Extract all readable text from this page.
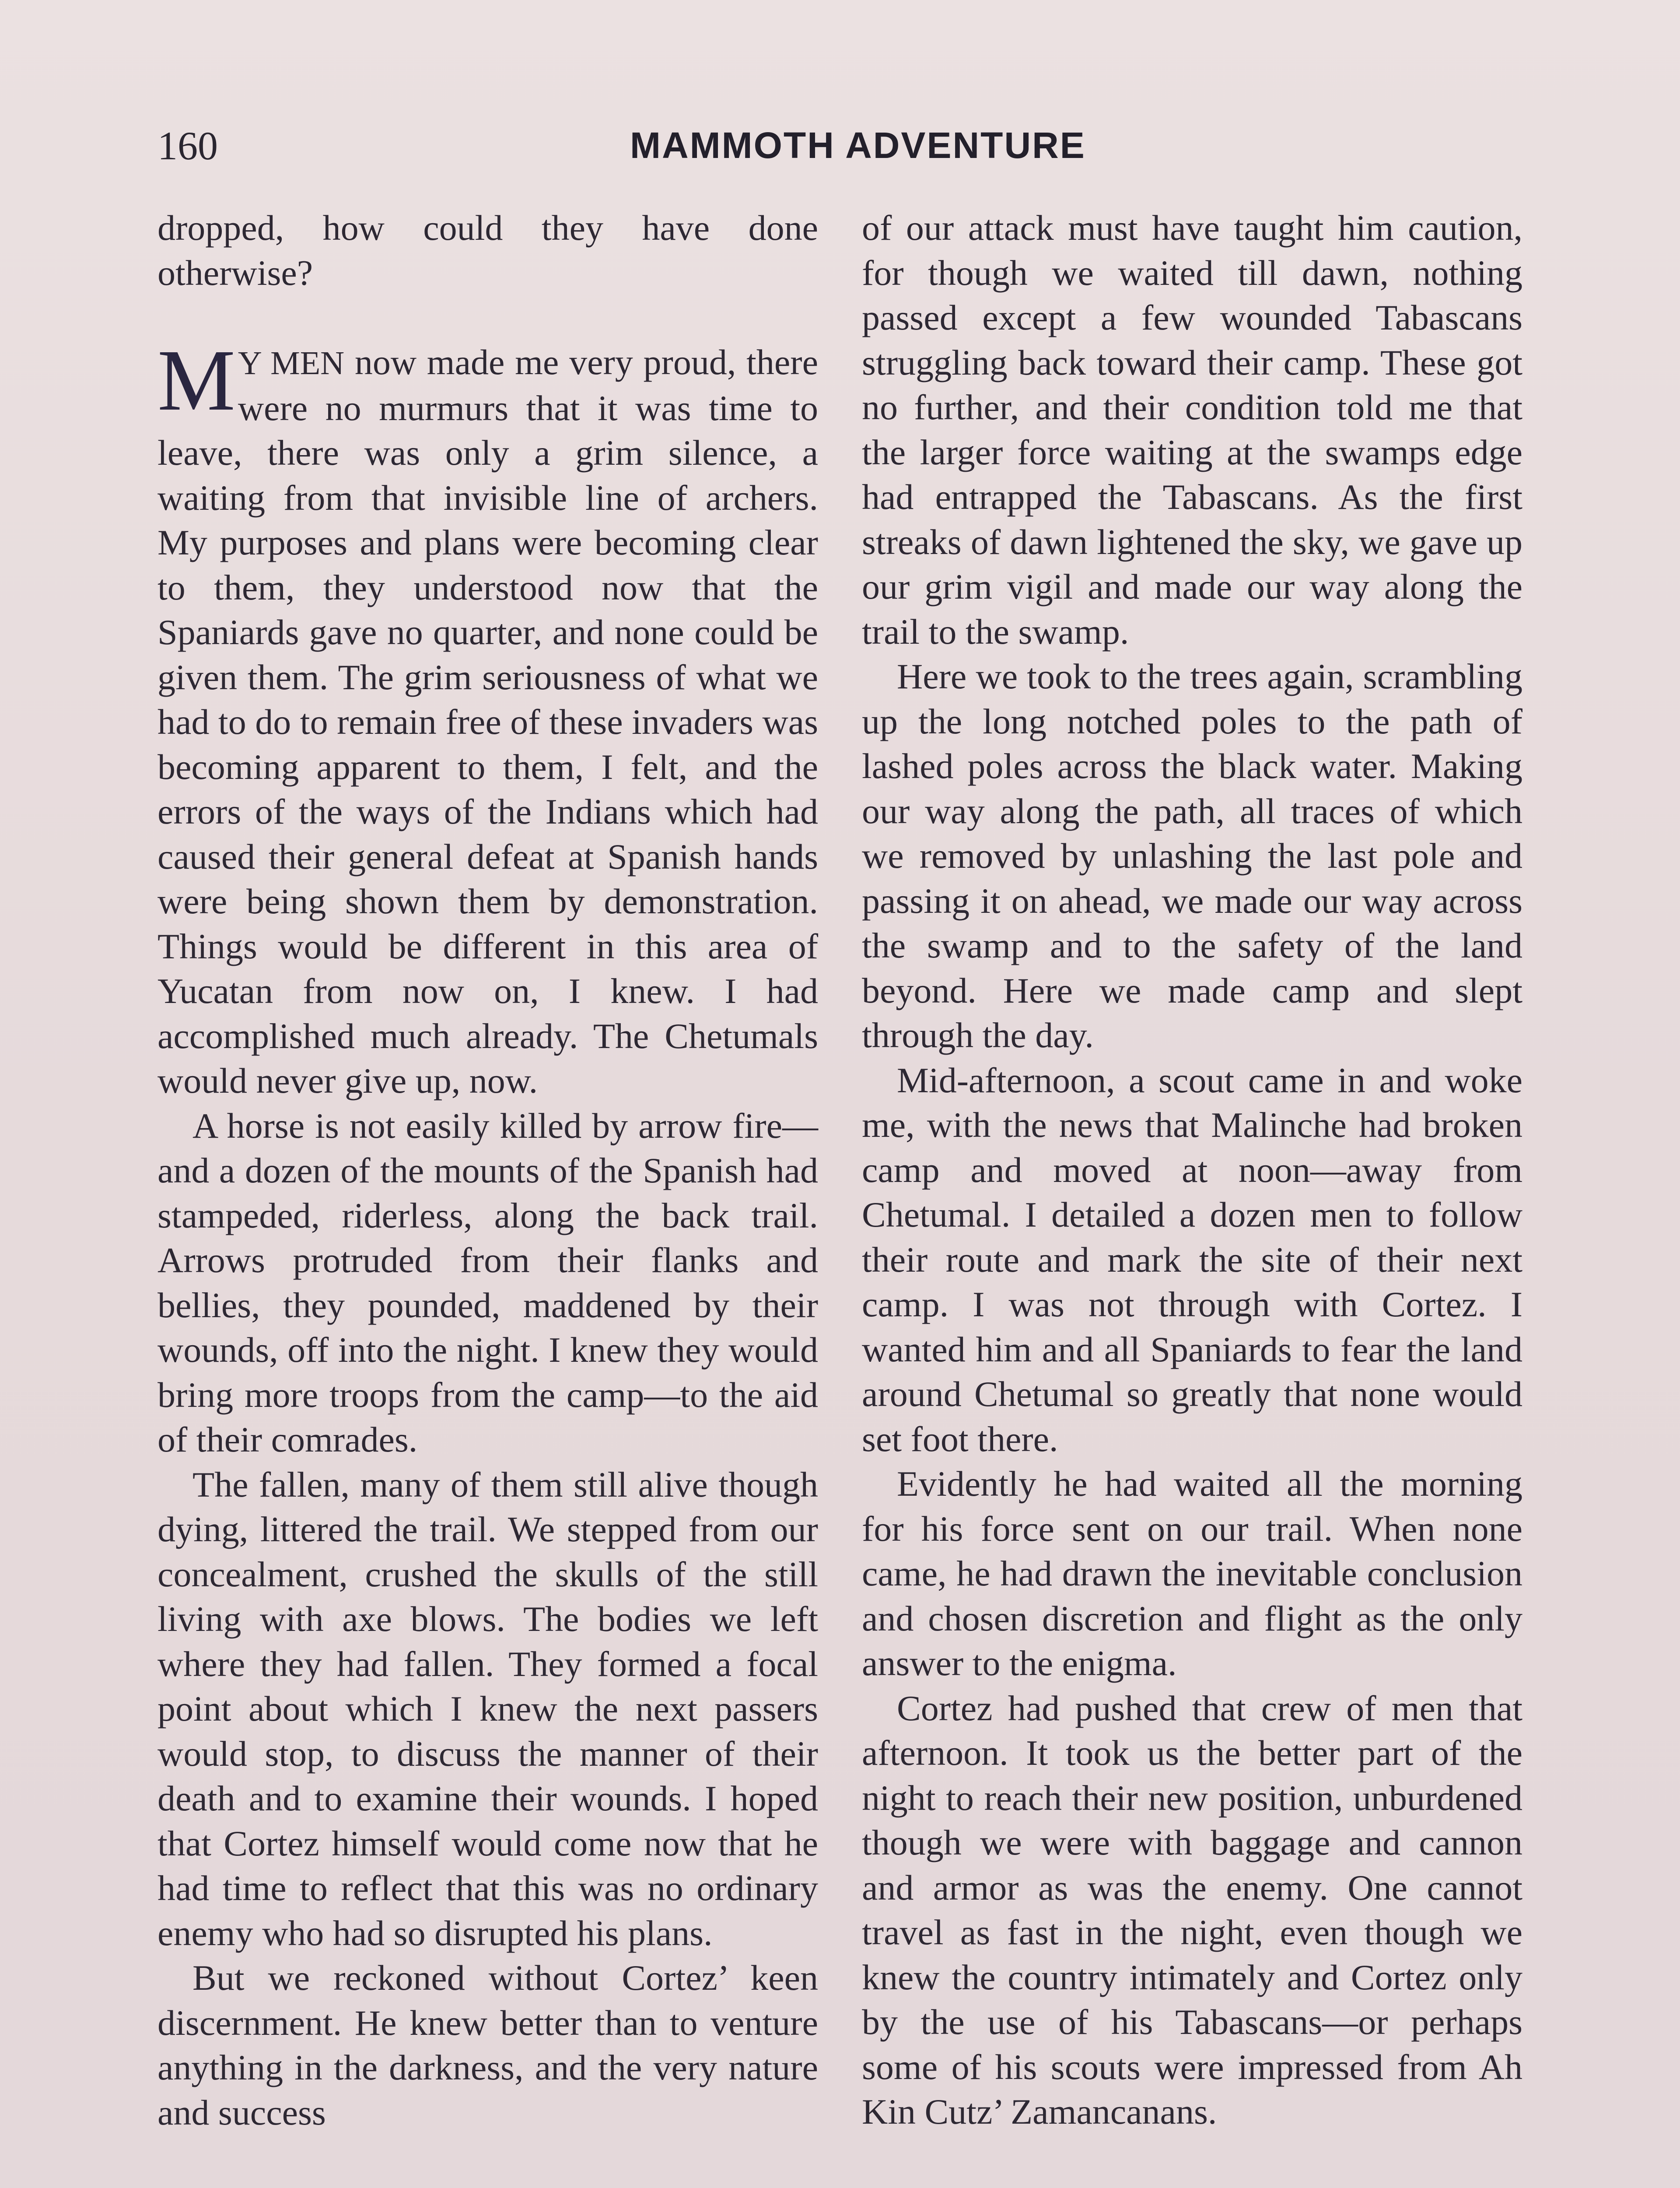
160	MAMMOTH ADVENTURE

dropped, how could they have done otherwise?

MY MEN now made me very proud, there were no murmurs that it was time to leave, there was only a grim silence, a waiting from that invisible line of archers. My purposes and plans were becoming clear to them, they understood now that the Spaniards gave no quarter, and none could be given them. The grim seriousness of what we had to do to remain free of these invaders was becoming apparent to them, I felt, and the errors of the ways of the Indians which had caused their general defeat at Spanish hands were being shown them by demonstration. Things would be different in this area of Yucatan from now on, I knew. I had accomplished much already. The Chetumals would never give up, now.

A horse is not easily killed by arrow fire—and a dozen of the mounts of the Spanish had stampeded, riderless, along the back trail. Arrows protruded from their flanks and bellies, they pounded, maddened by their wounds, off into the night. I knew they would bring more troops from the camp—to the aid of their comrades.

The fallen, many of them still alive though dying, littered the trail. We stepped from our concealment, crushed the skulls of the still living with axe blows. The bodies we left where they had fallen. They formed a focal point about which I knew the next passers would stop, to discuss the manner of their death and to examine their wounds. I hoped that Cortez himself would come now that he had time to reflect that this was no ordinary enemy who had so disrupted his plans.

But we reckoned without Cortez’ keen discernment. He knew better than to venture anything in the darkness, and the very nature and success

of our attack must have taught him caution, for though we waited till dawn, nothing passed except a few wounded Tabascans struggling back toward their camp. These got no further, and their condition told me that the larger force waiting at the swamps edge had entrapped the Tabascans. As the first streaks of dawn lightened the sky, we gave up our grim vigil and made our way along the trail to the swamp.

Here we took to the trees again, scrambling up the long notched poles to the path of lashed poles across the black water. Making our way along the path, all traces of which we removed by unlashing the last pole and passing it on ahead, we made our way across the swamp and to the safety of the land beyond. Here we made camp and slept through the day.

Mid-afternoon, a scout came in and woke me, with the news that Malinche had broken camp and moved at noon—away from Chetumal. I detailed a dozen men to follow their route and mark the site of their next camp. I was not through with Cortez. I wanted him and all Spaniards to fear the land around Chetumal so greatly that none would set foot there.

Evidently he had waited all the morning for his force sent on our trail. When none came, he had drawn the inevitable conclusion and chosen discretion and flight as the only answer to the enigma.

Cortez had pushed that crew of men that afternoon. It took us the better part of the night to reach their new position, unburdened though we were with baggage and cannon and armor as was the enemy. One cannot travel as fast in the night, even though we knew the country intimately and Cortez only by the use of his Tabascans—or perhaps some of his scouts were impressed from Ah Kin Cutz’ Zamancanans.
